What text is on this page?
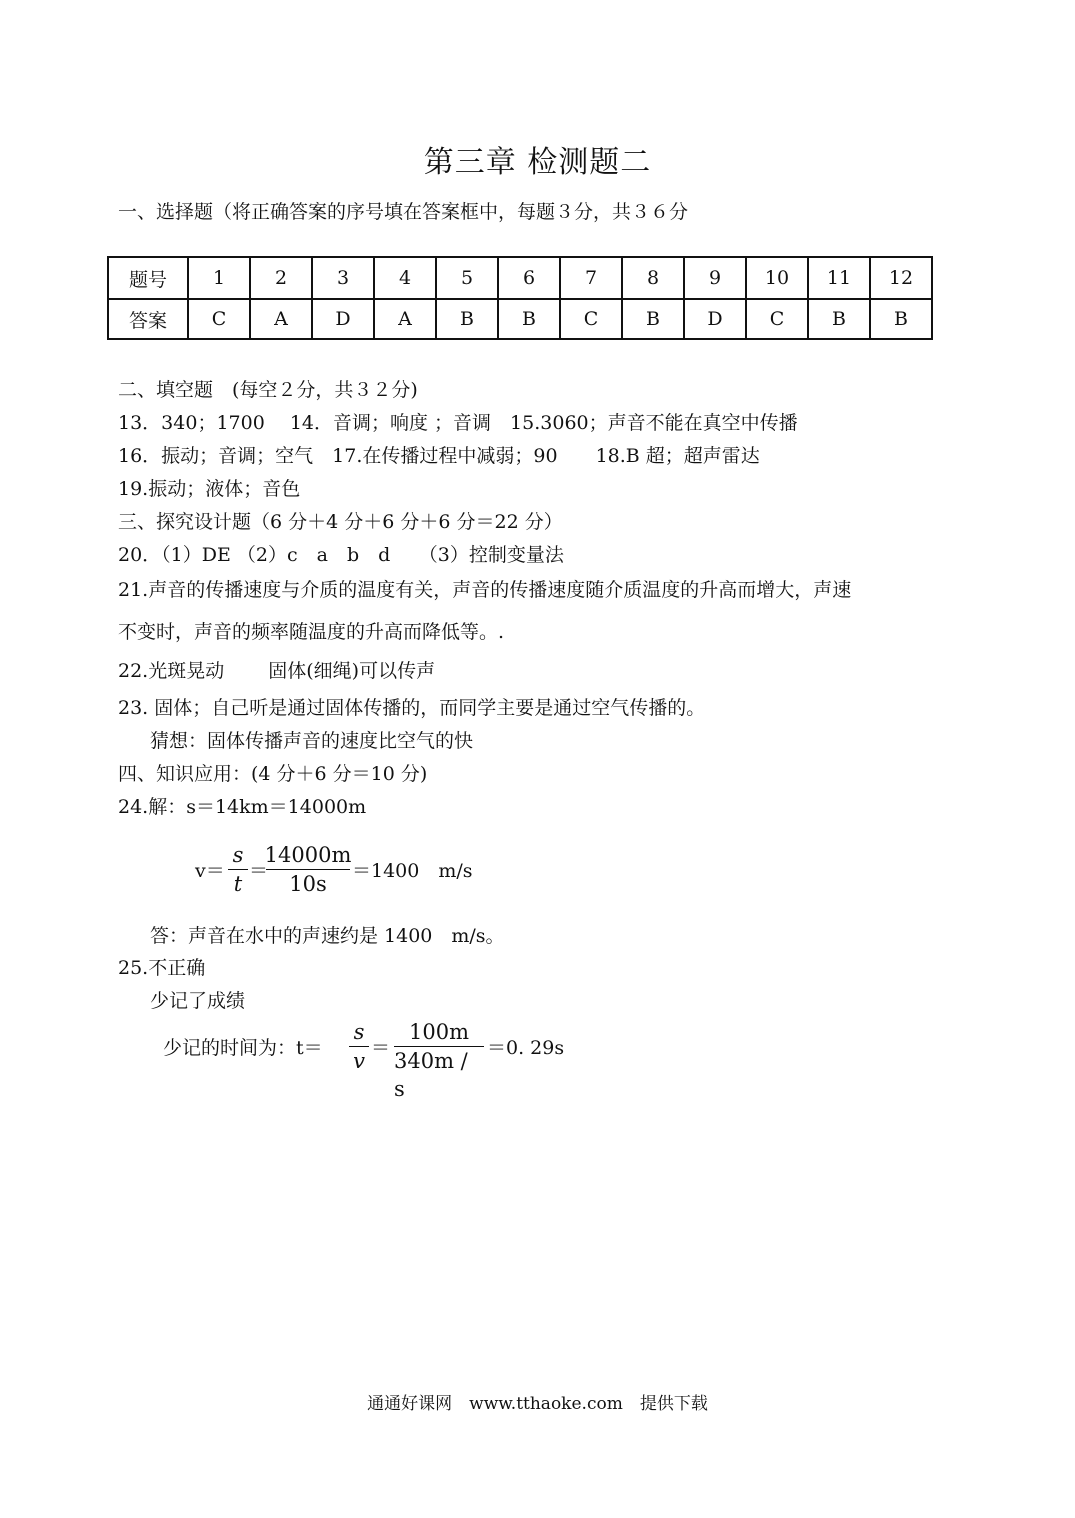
第三章 检测题二
一、选择题（将正确答案的序号填在答案框中，每题３分，共３６分
题号	1	2	3	4	5	6	7	8	9	10	11	12
答案	C	A	D	A	B	B	C	B	D	C	B	B
二、填空题　(每空２分，共３２分)
13．340；1700　 14．音调；响度 ；音调　15.3060；声音不能在真空中传播
16．振动；音调；空气　17.在传播过程中减弱；90　　18.B 超；超声雷达
19.振动；液体；音色
三、探究设计题（6 分＋4 分＋6 分＋6 分＝22 分）
20．（1）DE （2）c　a　b　d　　（3）控制变量法
21.声音的传播速度与介质的温度有关，声音的传播速度随介质温度的升高而增大，声速
不变时，声音的频率随温度的升高而降低等。.
22.光斑晃动　　 固体(细绳)可以传声
23. 固体；自己听是通过固体传播的，而同学主要是通过空气传播的。
猜想：固体传播声音的速度比空气的快
四、知识应用：(4 分＋6 分＝10 分)
24.解：s＝14km＝14000m
v＝
s
t
＝
14000m
10s
＝1400　m/s
答：声音在水中的声速约是 1400　m/s。
25.不正确
少记了成绩
少记的时间为：t＝
s
v
＝
100m
340m / s
＝0. 29s
通通好课网　www.tthaoke.com　提供下载
